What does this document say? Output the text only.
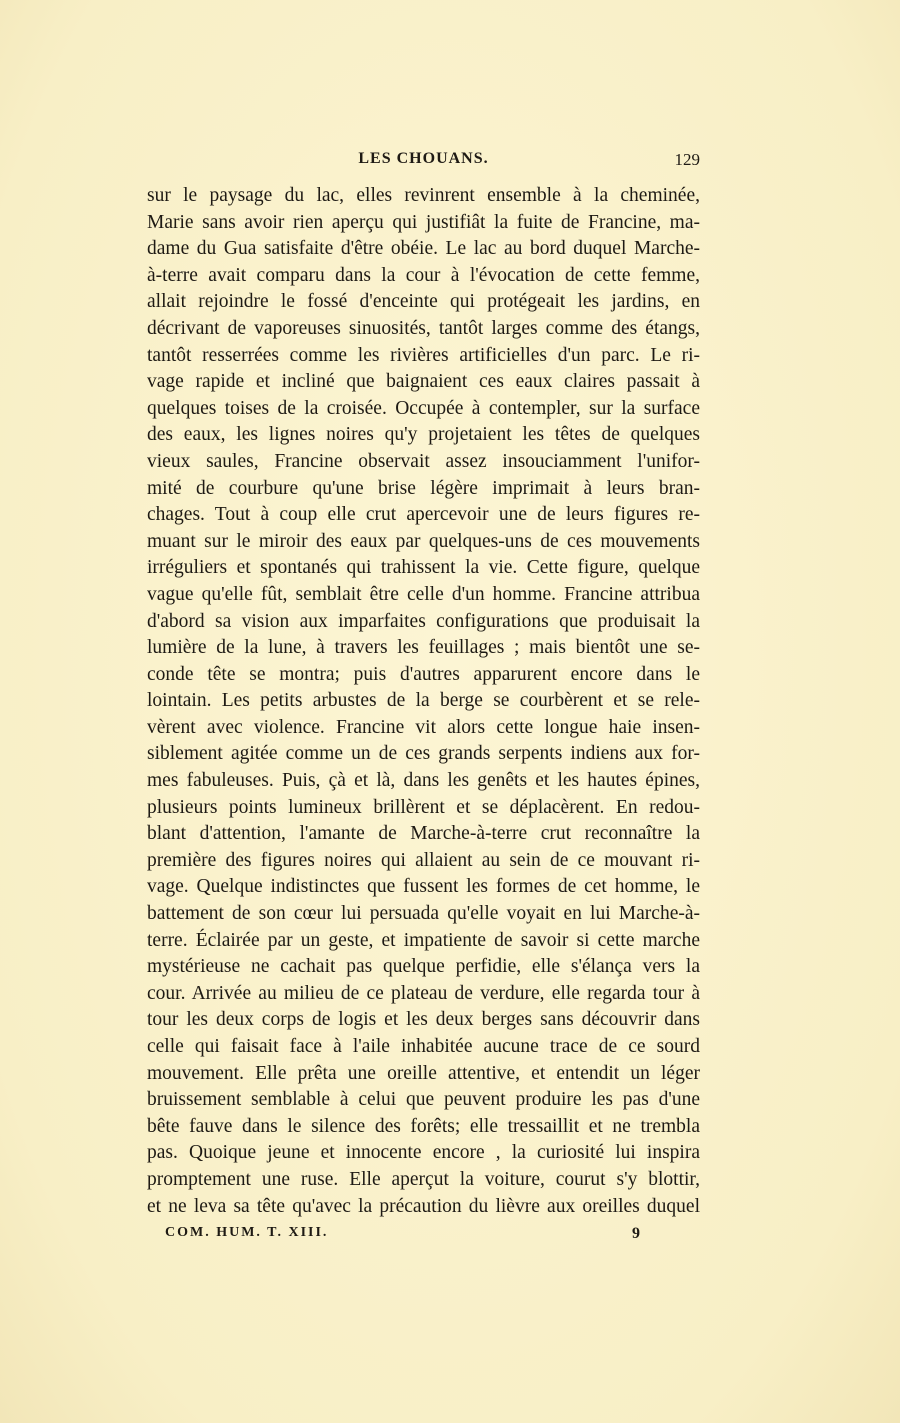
LES CHOUANS.	129
sur le paysage du lac, elles revinrent ensemble à la cheminée,
Marie sans avoir rien aperçu qui justifiât la fuite de Francine, ma-
dame du Gua satisfaite d'être obéie. Le lac au bord duquel Marche-
à-terre avait comparu dans la cour à l'évocation de cette femme,
allait rejoindre le fossé d'enceinte qui protégeait les jardins, en
décrivant de vaporeuses sinuosités, tantôt larges comme des étangs,
tantôt resserrées comme les rivières artificielles d'un parc. Le ri-
vage rapide et incliné que baignaient ces eaux claires passait à
quelques toises de la croisée. Occupée à contempler, sur la surface
des eaux, les lignes noires qu'y projetaient les têtes de quelques
vieux saules, Francine observait assez insouciamment l'unifor-
mité de courbure qu'une brise légère imprimait à leurs bran-
chages. Tout à coup elle crut apercevoir une de leurs figures re-
muant sur le miroir des eaux par quelques-uns de ces mouvements
irréguliers et spontanés qui trahissent la vie. Cette figure, quelque
vague qu'elle fût, semblait être celle d'un homme. Francine attribua
d'abord sa vision aux imparfaites configurations que produisait la
lumière de la lune, à travers les feuillages ; mais bientôt une se-
conde tête se montra; puis d'autres apparurent encore dans le
lointain. Les petits arbustes de la berge se courbèrent et se rele-
vèrent avec violence. Francine vit alors cette longue haie insen-
siblement agitée comme un de ces grands serpents indiens aux for-
mes fabuleuses. Puis, çà et là, dans les genêts et les hautes épines,
plusieurs points lumineux brillèrent et se déplacèrent. En redou-
blant d'attention, l'amante de Marche-à-terre crut reconnaître la
première des figures noires qui allaient au sein de ce mouvant ri-
vage. Quelque indistinctes que fussent les formes de cet homme, le
battement de son cœur lui persuada qu'elle voyait en lui Marche-à-
terre. Éclairée par un geste, et impatiente de savoir si cette marche
mystérieuse ne cachait pas quelque perfidie, elle s'élança vers la
cour. Arrivée au milieu de ce plateau de verdure, elle regarda tour à
tour les deux corps de logis et les deux berges sans découvrir dans
celle qui faisait face à l'aile inhabitée aucune trace de ce sourd
mouvement. Elle prêta une oreille attentive, et entendit un léger
bruissement semblable à celui que peuvent produire les pas d'une
bête fauve dans le silence des forêts; elle tressaillit et ne trembla
pas. Quoique jeune et innocente encore , la curiosité lui inspira
promptement une ruse. Elle aperçut la voiture, courut s'y blottir,
et ne leva sa tête qu'avec la précaution du lièvre aux oreilles duquel
COM. HUM. T. XIII.	9
